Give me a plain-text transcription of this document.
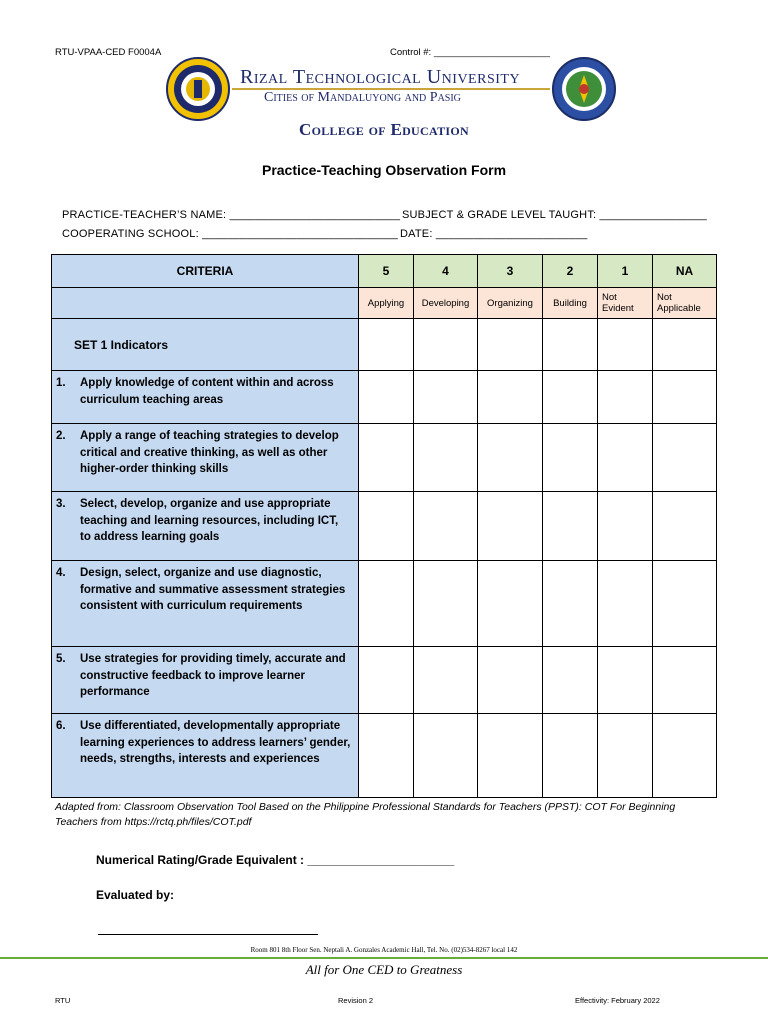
RTU-VPAA-CED F0004A	Control #: ______________________
Rizal Technological University
Cities of Mandaluyong and Pasig
College of Education
Practice-Teaching Observation Form
PRACTICE-TEACHER’S NAME: ___________________________ SUBJECT & GRADE LEVEL TAUGHT: _________________
COOPERATING SCHOOL: _______________________________ DATE: ________________________
CRITERIA	5	4	3	2	1	NA
	Applying	Developing	Organizing	Building	Not Evident	Not Applicable
SET 1 Indicators						
1. Apply knowledge of content within and across curriculum teaching areas						
2. Apply a range of teaching strategies to develop critical and creative thinking, as well as other higher-order thinking skills						
3. Select, develop, organize and use appropriate teaching and learning resources, including ICT, to address learning goals						
4. Design, select, organize and use diagnostic, formative and summative assessment strategies consistent with curriculum requirements						
5. Use strategies for providing timely, accurate and constructive feedback to improve learner performance						
6. Use differentiated, developmentally appropriate learning experiences to address learners’ gender, needs, strengths, interests and experiences						
Adapted from: Classroom Observation Tool Based on the Philippine Professional Standards for Teachers (PPST): COT For Beginning Teachers from https://rctq.ph/files/COT.pdf
Numerical Rating/Grade Equivalent : ______________________
Evaluated by:
Room 801 8th Floor Sen. Neptali A. Gonzales Academic Hall, Tel. No. (02)534-8267 local 142
All for One CED to Greatness
RTU	Revision 2	Effectivity: February 2022
